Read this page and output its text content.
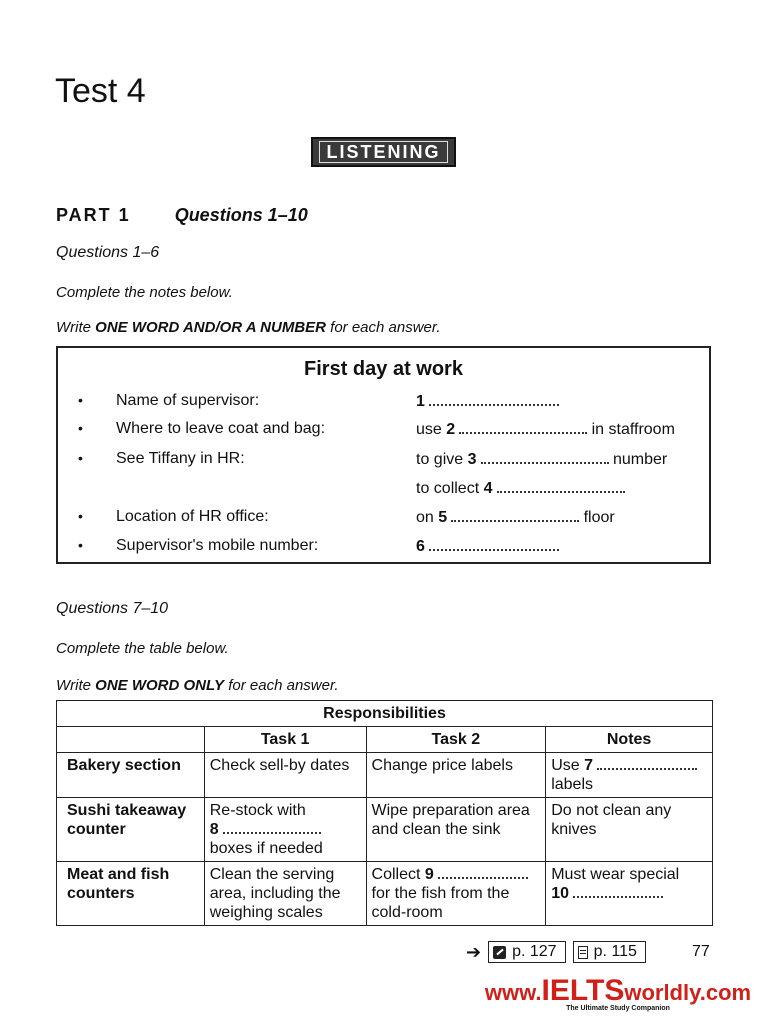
Test 4
LISTENING
PART 1 Questions 1–10
Questions 1–6
Complete the notes below.
Write ONE WORD AND/OR A NUMBER for each answer.
First day at work
• Name of supervisor:	1
• Where to leave coat and bag:	use 2	in staffroom
• See Tiffany in HR:	to give 3	number
to collect 4
• Location of HR office:	on 5	floor
• Supervisor's mobile number:	6
Questions 7–10
Complete the table below.
Write ONE WORD ONLY for each answer.
Responsibilities			
	Task 1	Task 2	Notes
Bakery section	Check sell-by dates	Change price labels	Use 7
labels
Sushi takeaway counter	Re-stock with
8
boxes if needed	Wipe preparation area and clean the sink	Do not clean any knives
Meat and fish counters	Clean the serving area, including the weighing scales	Collect 9
for the fish from the cold-room	Must wear special
10
➔ p. 127 p. 115	77
www.IELTSworldly.com
The Ultimate Study Companion
